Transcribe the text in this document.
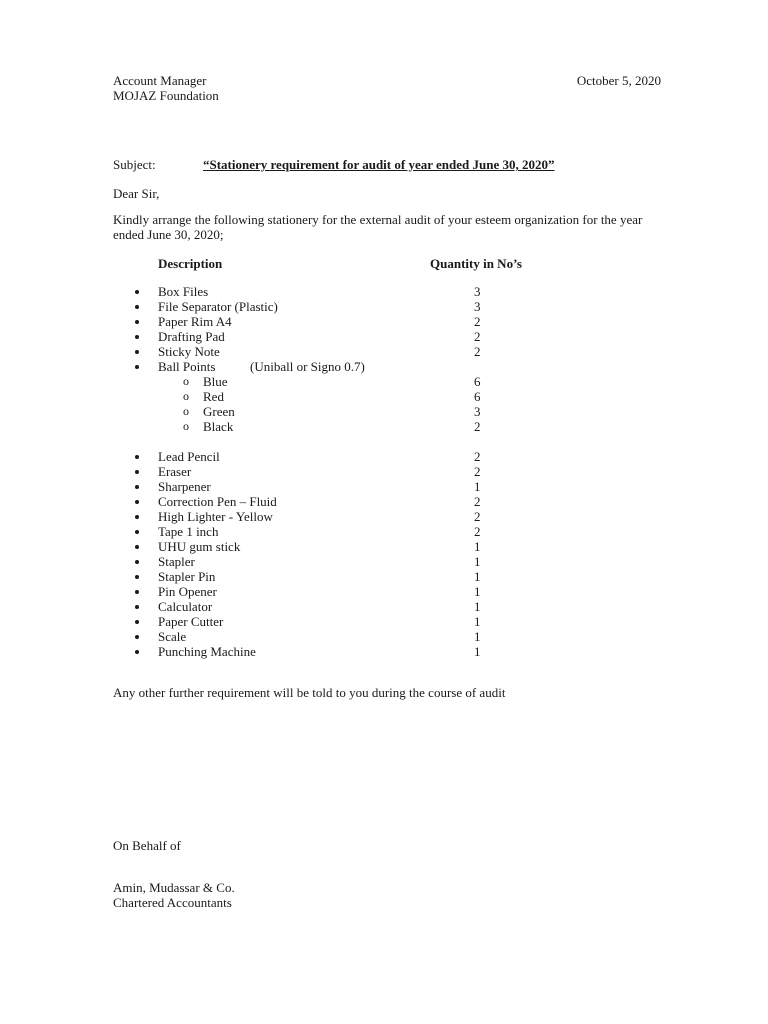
Account Manager
MOJAZ Foundation
October 5, 2020
Subject:	“Stationery requirement for audit of year ended June 30, 2020”
Dear Sir,
Kindly arrange the following stationery for the external audit of your esteem organization for the year ended June 30, 2020;
Description	Quantity in No’s
Box Files	3
File Separator (Plastic)	3
Paper Rim A4	2
Drafting Pad	2
Sticky Note	2
Ball Points	(Uniball or Signo 0.7)
o Blue	6
o Red	6
o Green	3
o Black	2
Lead Pencil	2
Eraser	2
Sharpener	1
Correction Pen – Fluid	2
High Lighter - Yellow	2
Tape 1 inch	2
UHU gum stick	1
Stapler	1
Stapler Pin	1
Pin Opener	1
Calculator	1
Paper Cutter	1
Scale	1
Punching Machine	1
Any other further requirement will be told to you during the course of audit
On Behalf of
Amin, Mudassar & Co.
Chartered Accountants
